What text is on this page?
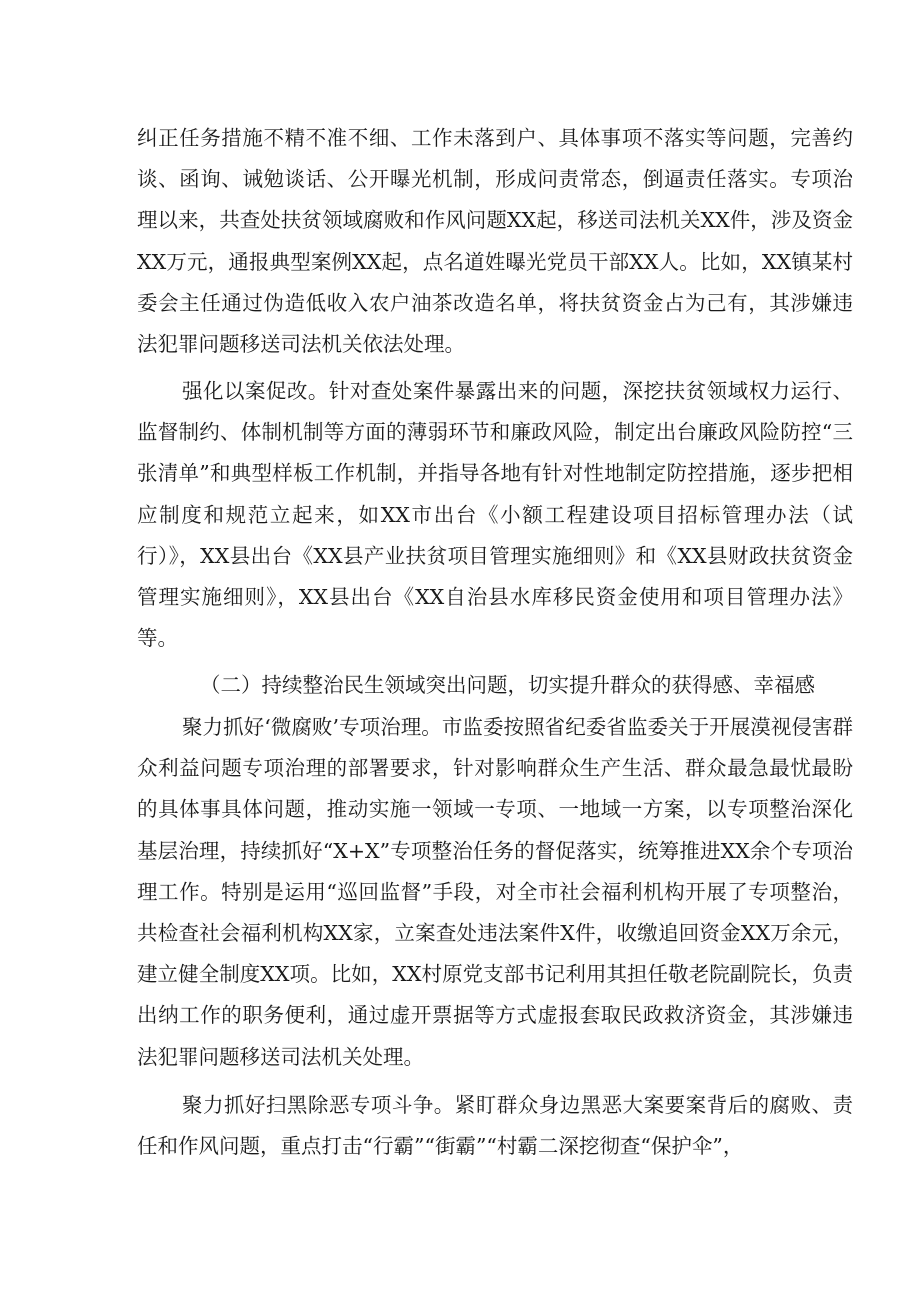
纠正任务措施不精不准不细、工作未落到户、具体事项不落实等问题，完善约谈、函询、诫勉谈话、公开曝光机制，形成问责常态，倒逼责任落实。专项治理以来，共查处扶贫领域腐败和作风问题XX起，移送司法机关XX件，涉及资金XX万元，通报典型案例XX起，点名道姓曝光党员干部XX人。比如，XX镇某村委会主任通过伪造低收入农户油茶改造名单，将扶贫资金占为己有，其涉嫌违法犯罪问题移送司法机关依法处理。

强化以案促改。针对查处案件暴露出来的问题，深挖扶贫领域权力运行、监督制约、体制机制等方面的薄弱环节和廉政风险，制定出台廉政风险防控“三张清单”和典型样板工作机制，并指导各地有针对性地制定防控措施，逐步把相应制度和规范立起来，如XX市出台《小额工程建设项目招标管理办法（试行）》，XX县出台《XX县产业扶贫项目管理实施细则》和《XX县财政扶贫资金管理实施细则》，XX县出台《XX自治县水库移民资金使用和项目管理办法》等。

（二）持续整治民生领域突出问题，切实提升群众的获得感、幸福感

聚力抓好‘微腐败’专项治理。市监委按照省纪委省监委关于开展漠视侵害群众利益问题专项治理的部署要求，针对影响群众生产生活、群众最急最忧最盼的具体事具体问题，推动实施一领域一专项、一地域一方案，以专项整治深化基层治理，持续抓好“X+X”专项整治任务的督促落实，统筹推进XX余个专项治理工作。特别是运用“巡回监督”手段，对全市社会福利机构开展了专项整治，共检查社会福利机构XX家，立案查处违法案件X件，收缴追回资金XX万余元，建立健全制度XX项。比如，XX村原党支部书记利用其担任敬老院副院长，负责出纳工作的职务便利，通过虚开票据等方式虚报套取民政救济资金，其涉嫌违法犯罪问题移送司法机关处理。

聚力抓好扫黑除恶专项斗争。紧盯群众身边黑恶大案要案背后的腐败、责任和作风问题，重点打击“行霸”“街霸”“村霸二深挖彻查“保护伞”，
